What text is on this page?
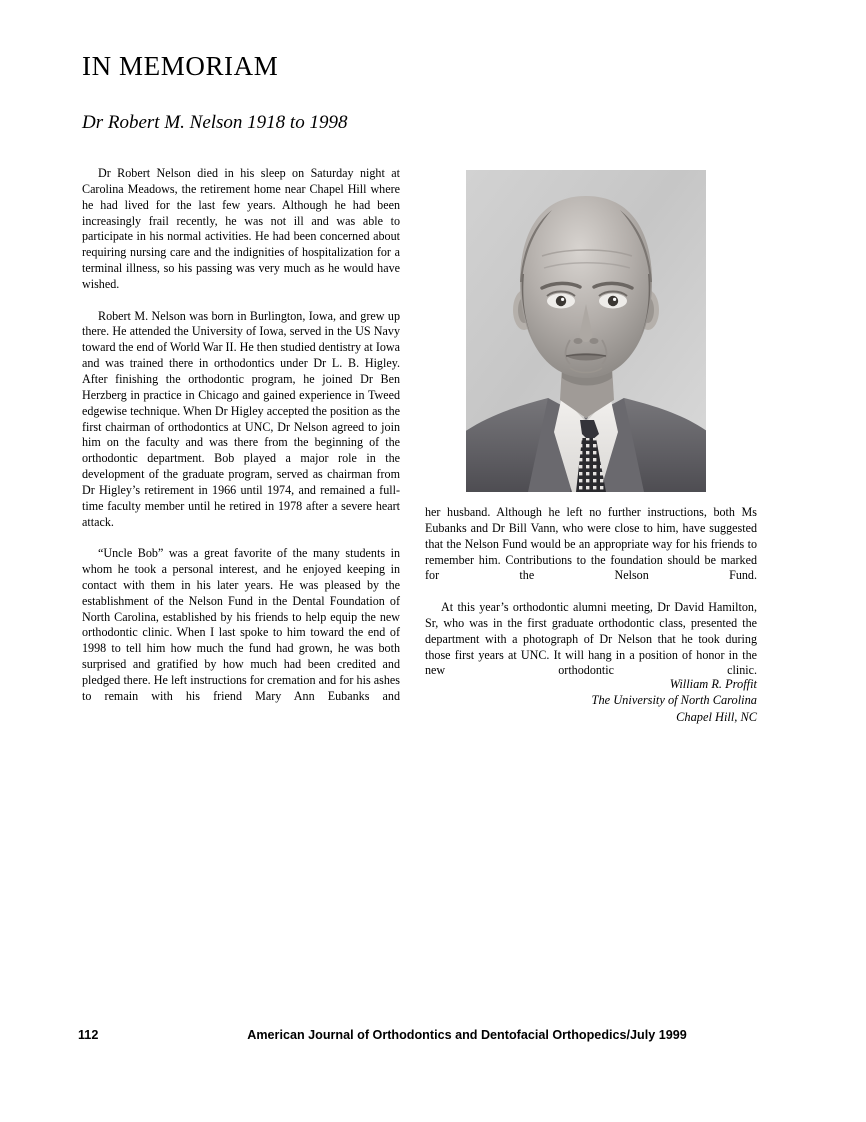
IN MEMORIAM
Dr Robert M. Nelson 1918 to 1998

Dr Robert Nelson died in his sleep on Saturday night at Carolina Meadows, the retirement home near Chapel Hill where he had lived for the last few years. Although he had been increasingly frail recently, he was not ill and was able to participate in his normal activities. He had been concerned about requiring nursing care and the indignities of hospitalization for a terminal illness, so his passing was very much as he would have wished.

Robert M. Nelson was born in Burlington, Iowa, and grew up there. He attended the University of Iowa, served in the US Navy toward the end of World War II. He then studied dentistry at Iowa and was trained there in orthodontics under Dr L. B. Higley. After finishing the orthodontic program, he joined Dr Ben Herzberg in practice in Chicago and gained experience in Tweed edgewise technique. When Dr Higley accepted the position as the first chairman of orthodontics at UNC, Dr Nelson agreed to join him on the faculty and was there from the beginning of the orthodontic department. Bob played a major role in the development of the graduate program, served as chairman from Dr Higley’s retirement in 1966 until 1974, and remained a full-time faculty member until he retired in 1978 after a severe heart attack.

“Uncle Bob” was a great favorite of the many students in whom he took a personal interest, and he enjoyed keeping in contact with them in his later years. He was pleased by the establishment of the Nelson Fund in the Dental Foundation of North Carolina, established by his friends to help equip the new orthodontic clinic. When I last spoke to him toward the end of 1998 to tell him how much the fund had grown, he was both surprised and gratified by how much had been credited and pledged there. He left instructions for cremation and for his ashes to remain with his friend Mary Ann Eubanks and

her husband. Although he left no further instructions, both Ms Eubanks and Dr Bill Vann, who were close to him, have suggested that the Nelson Fund would be an appropriate way for his friends to remember him. Contributions to the foundation should be marked for the Nelson Fund.

At this year’s orthodontic alumni meeting, Dr David Hamilton, Sr, who was in the first graduate orthodontic class, presented the department with a photograph of Dr Nelson that he took during those first years at UNC. It will hang in a position of honor in the new orthodontic clinic.

William R. Proffit
The University of North Carolina
Chapel Hill, NC
112	American Journal of Orthodontics and Dentofacial Orthopedics/July 1999
